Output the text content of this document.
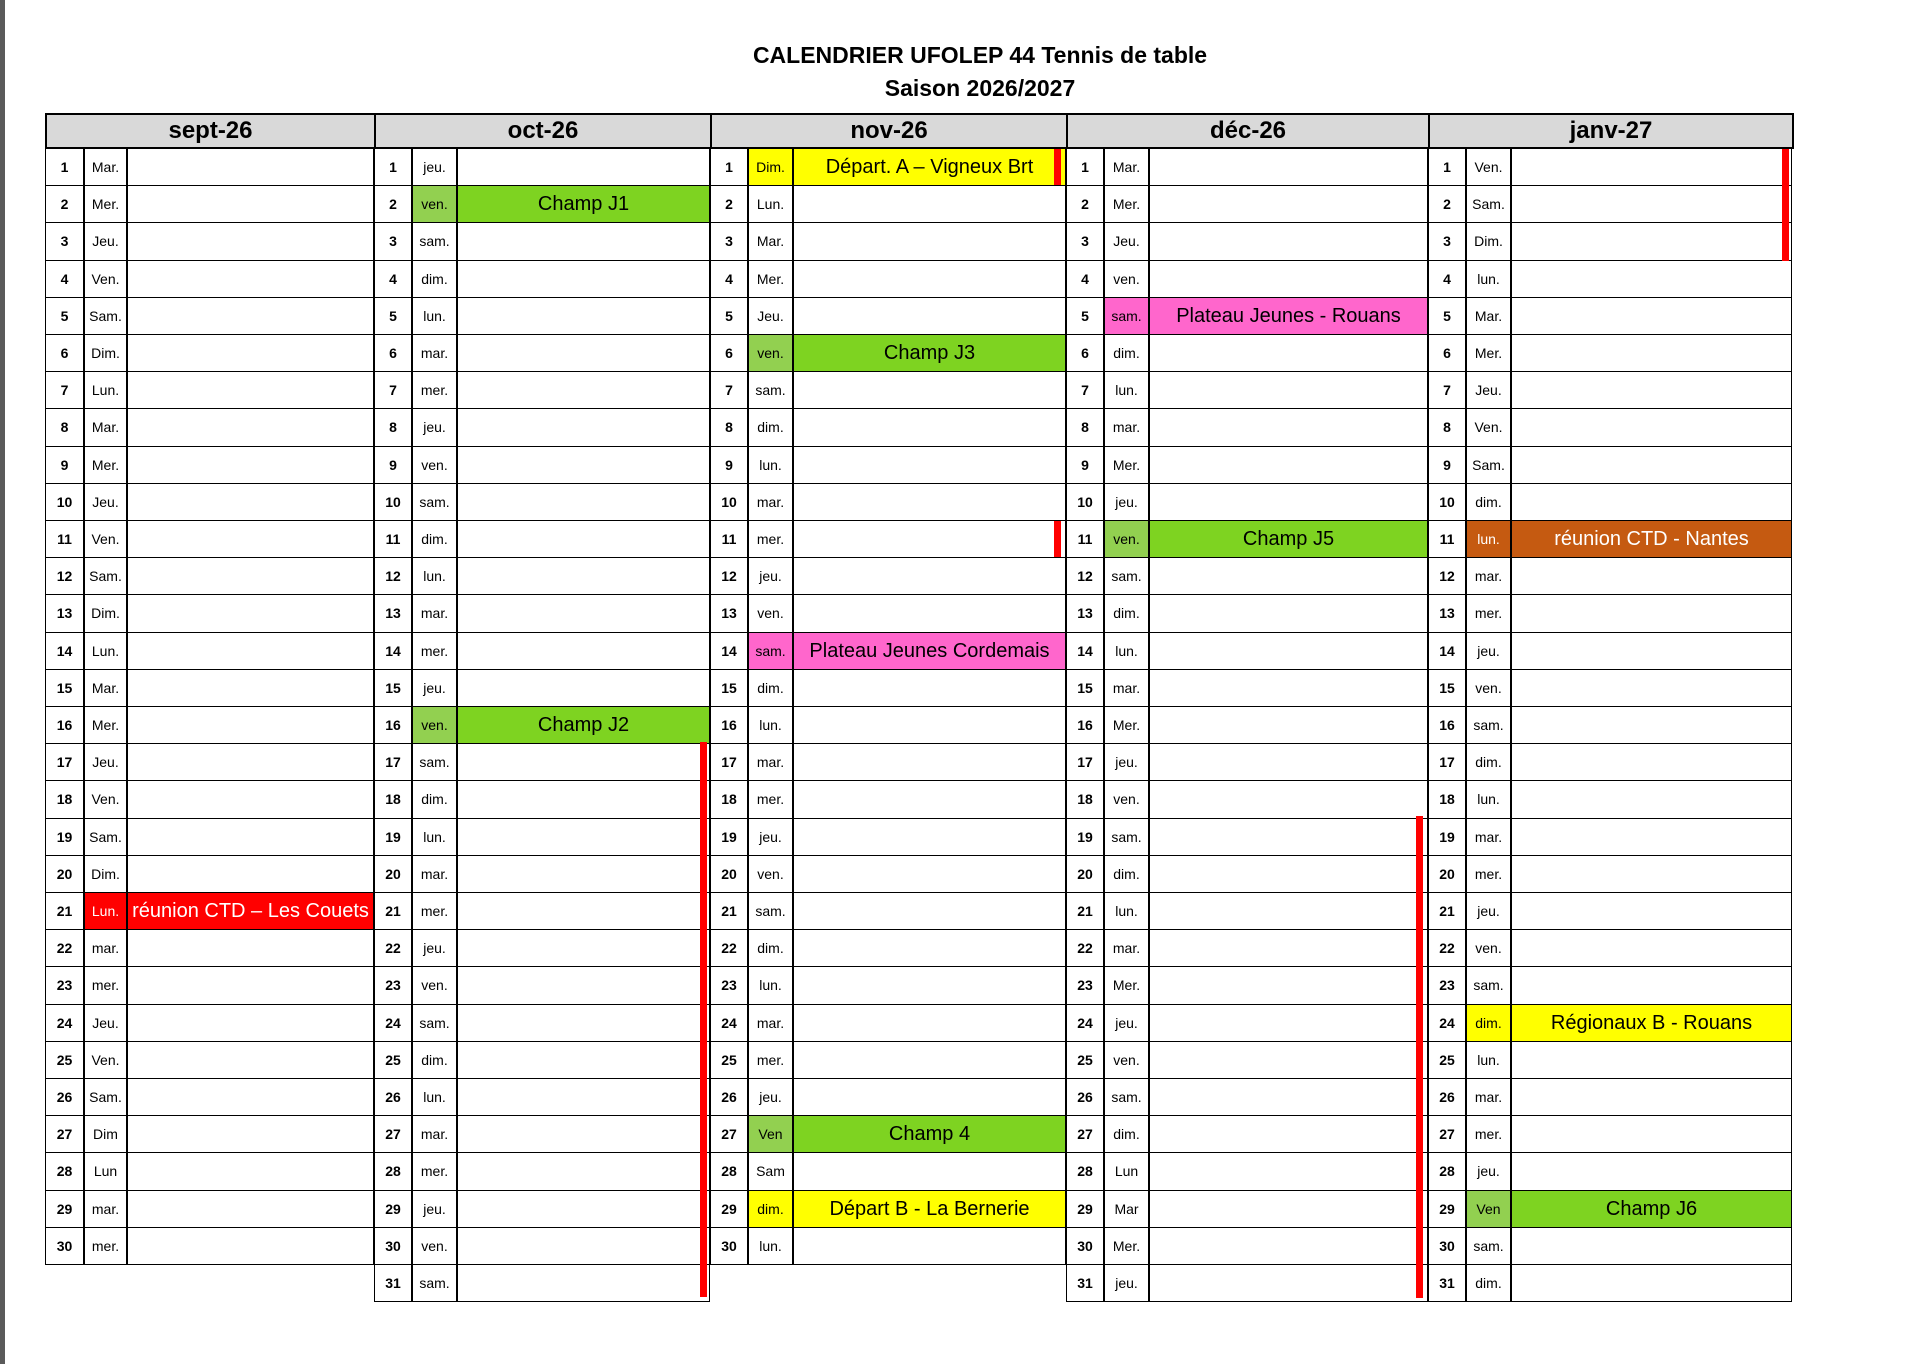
CALENDRIER UFOLEP 44 Tennis de table
Saison 2026/2027
sept-26
1	Mar.
2	Mer.
3	Jeu.
4	Ven.
5	Sam.
6	Dim.
7	Lun.
8	Mar.
9	Mer.
10	Jeu.
11	Ven.
12	Sam.
13	Dim.
14	Lun.
15	Mar.
16	Mer.
17	Jeu.
18	Ven.
19	Sam.
20	Dim.
21	Lun. réunion CTD – Les Couets
22	mar.
23	mer.
24	Jeu.
25	Ven.
26	Sam.
27	Dim
28	Lun
29	mar.
30	mer.
oct-26
1	jeu.
2	ven.	Champ J1
3	sam.
4	dim.
5	lun.
6	mar.
7	mer.
8	jeu.
9	ven.
10	sam.
11	dim.
12	lun.
13	mar.
14	mer.
15	jeu.
16	ven.	Champ J2
17	sam.
18	dim.
19	lun.
20	mar.
21	mer.
22	jeu.
23	ven.
24	sam.
25	dim.
26	lun.
27	mar.
28	mer.
29	jeu.
30	ven.
31	sam.
nov-26
1	Dim.	Départ. A – Vigneux Brt
2	Lun.
3	Mar.
4	Mer.
5	Jeu.
6	ven.	Champ J3
7	sam.
8	dim.
9	lun.
10	mar.
11	mer.
12	jeu.
13	ven.
14	sam.	Plateau Jeunes Cordemais
15	dim.
16	lun.
17	mar.
18	mer.
19	jeu.
20	ven.
21	sam.
22	dim.
23	lun.
24	mar.
25	mer.
26	jeu.
27	Ven	Champ 4
28	Sam
29	dim.	Départ B - La Bernerie
30	lun.
déc-26
1	Mar.
2	Mer.
3	Jeu.
4	ven.
5	sam.	Plateau Jeunes - Rouans
6	dim.
7	lun.
8	mar.
9	Mer.
10	jeu.
11	ven.	Champ J5
12	sam.
13	dim.
14	lun.
15	mar.
16	Mer.
17	jeu.
18	ven.
19	sam.
20	dim.
21	lun.
22	mar.
23	Mer.
24	jeu.
25	ven.
26	sam.
27	dim.
28	Lun
29	Mar
30	Mer.
31	jeu.
janv-27
1	Ven.
2	Sam.
3	Dim.
4	lun.
5	Mar.
6	Mer.
7	Jeu.
8	Ven.
9	Sam.
10	dim.
11	lun.	réunion CTD - Nantes
12	mar.
13	mer.
14	jeu.
15	ven.
16	sam.
17	dim.
18	lun.
19	mar.
20	mer.
21	jeu.
22	ven.
23	sam.
24	dim.	Régionaux B - Rouans
25	lun.
26	mar.
27	mer.
28	jeu.
29	Ven	Champ J6
30	sam.
31	dim.
